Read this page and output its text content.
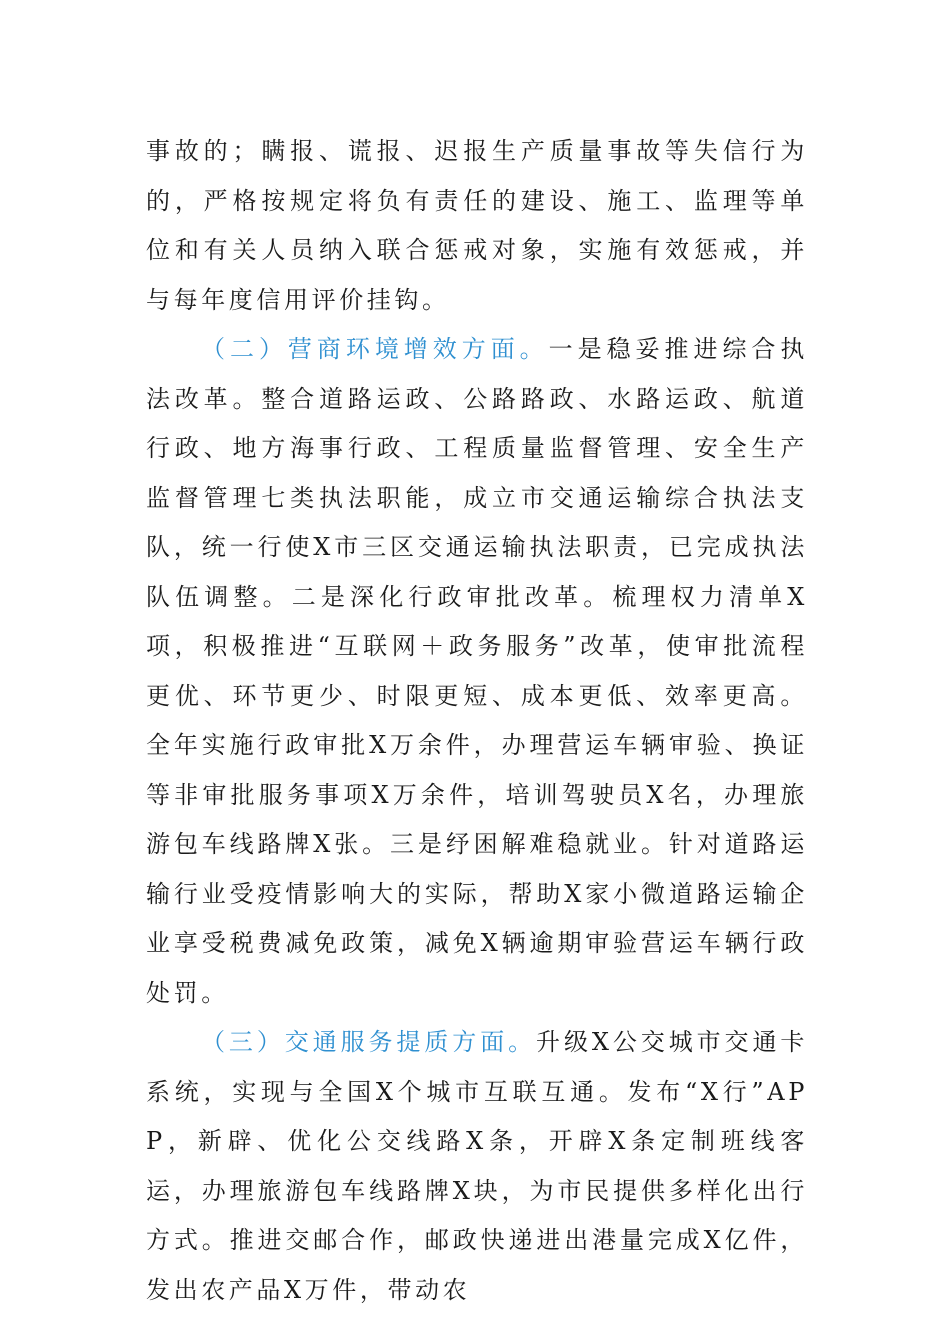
事故的；瞒报、谎报、迟报生产质量事故等失信行为的，严格按规定将负有责任的建设、施工、监理等单位和有关人员纳入联合惩戒对象，实施有效惩戒，并与每年度信用评价挂钩。

（二）营商环境增效方面。一是稳妥推进综合执法改革。整合道路运政、公路路政、水路运政、航道行政、地方海事行政、工程质量监督管理、安全生产监督管理七类执法职能，成立市交通运输综合执法支队，统一行使X市三区交通运输执法职责，已完成执法队伍调整。二是深化行政审批改革。梳理权力清单X项，积极推进“互联网＋政务服务”改革，使审批流程更优、环节更少、时限更短、成本更低、效率更高。全年实施行政审批X万余件，办理营运车辆审验、换证等非审批服务事项X万余件，培训驾驶员X名，办理旅游包车线路牌X张。三是纾困解难稳就业。针对道路运输行业受疫情影响大的实际，帮助X家小微道路运输企业享受税费减免政策，减免X辆逾期审验营运车辆行政处罚。

（三）交通服务提质方面。升级X公交城市交通卡系统，实现与全国X个城市互联互通。发布“X行”APP，新辟、优化公交线路X条，开辟X条定制班线客运，办理旅游包车线路牌X块，为市民提供多样化出行方式。推进交邮合作，邮政快递进出港量完成X亿件，发出农产品X万件，带动农
